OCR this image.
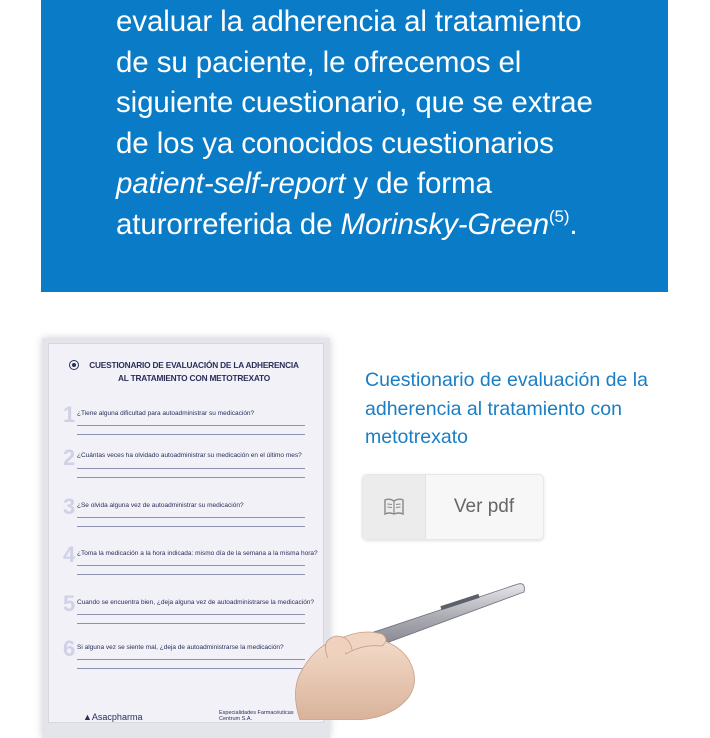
evaluar la adherencia al tratamiento
de su paciente, le ofrecemos el
siguiente cuestionario, que se extrae
de los ya conocidos cuestionarios
patient-self-report y de forma
aturorreferida de Morinsky-Green$^{(5)}$.

CUESTIONARIO DE EVALUACIÓN DE LA ADHERENCIA
AL TRATAMIENTO CON METOTREXATO
1 ¿Tiene alguna dificultad para autoadministrar su medicación?
2 ¿Cuántas veces ha olvidado autoadministrar su medicación en el último mes?
3 ¿Se olvida alguna vez de autoadministrar su medicación?
4 ¿Toma la medicación a la hora indicada: mismo día de la semana a la misma hora?
5 Cuando se encuentra bien, ¿deja alguna vez de autoadministrarse la medicación?
6 Si alguna vez se siente mal, ¿deja de autoadministrarse la medicación?
▲Asacpharma	Especialidades Farmacéuticas
Centrum S.A.
Cuestionario de evaluación de la adherencia al tratamiento con metotrexato
Ver pdf
